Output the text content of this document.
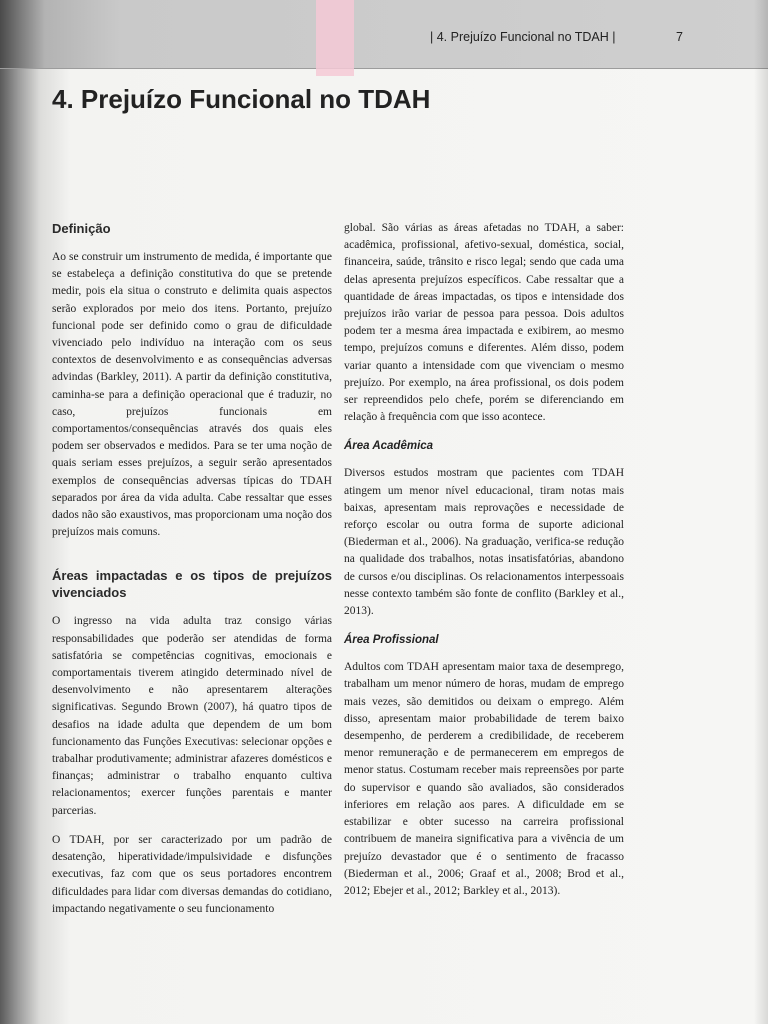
| 4. Prejuízo Funcional no TDAH |	7
4. Prejuízo Funcional no TDAH
Definição

Ao se construir um instrumento de medida, é importante que se estabeleça a definição constitutiva do que se pretende medir, pois ela situa o construto e delimita quais aspectos serão explorados por meio dos itens. Portanto, prejuízo funcional pode ser definido como o grau de dificuldade vivenciado pelo indivíduo na interação com os seus contextos de desenvolvimento e as consequências adversas advindas (Barkley, 2011). A partir da definição constitutiva, caminha-se para a definição operacional que é traduzir, no caso, prejuízos funcionais em comportamentos/consequências através dos quais eles podem ser observados e medidos. Para se ter uma noção de quais seriam esses prejuízos, a seguir serão apresentados exemplos de consequências adversas típicas do TDAH separados por área da vida adulta. Cabe ressaltar que esses dados não são exaustivos, mas proporcionam uma noção dos prejuízos mais comuns.

Áreas impactadas e os tipos de prejuízos vivenciados

O ingresso na vida adulta traz consigo várias responsabilidades que poderão ser atendidas de forma satisfatória se competências cognitivas, emocionais e comportamentais tiverem atingido determinado nível de desenvolvimento e não apresentarem alterações significativas. Segundo Brown (2007), há quatro tipos de desafios na idade adulta que dependem de um bom funcionamento das Funções Executivas: selecionar opções e trabalhar produtivamente; administrar afazeres domésticos e finanças; administrar o trabalho enquanto cultiva relacionamentos; exercer funções parentais e manter parcerias.

O TDAH, por ser caracterizado por um padrão de desatenção, hiperatividade/impulsividade e disfunções executivas, faz com que os seus portadores encontrem dificuldades para lidar com diversas demandas do cotidiano, impactando negativamente o seu funcionamento

global. São várias as áreas afetadas no TDAH, a saber: acadêmica, profissional, afetivo-sexual, doméstica, social, financeira, saúde, trânsito e risco legal; sendo que cada uma delas apresenta prejuízos específicos. Cabe ressaltar que a quantidade de áreas impactadas, os tipos e intensidade dos prejuízos irão variar de pessoa para pessoa. Dois adultos podem ter a mesma área impactada e exibirem, ao mesmo tempo, prejuízos comuns e diferentes. Além disso, podem variar quanto a intensidade com que vivenciam o mesmo prejuízo. Por exemplo, na área profissional, os dois podem ser repreendidos pelo chefe, porém se diferenciando em relação à frequência com que isso acontece.

Área Acadêmica

Diversos estudos mostram que pacientes com TDAH atingem um menor nível educacional, tiram notas mais baixas, apresentam mais reprovações e necessidade de reforço escolar ou outra forma de suporte adicional (Biederman et al., 2006). Na graduação, verifica-se redução na qualidade dos trabalhos, notas insatisfatórias, abandono de cursos e/ou disciplinas. Os relacionamentos interpessoais nesse contexto também são fonte de conflito (Barkley et al., 2013).

Área Profissional

Adultos com TDAH apresentam maior taxa de desemprego, trabalham um menor número de horas, mudam de emprego mais vezes, são demitidos ou deixam o emprego. Além disso, apresentam maior probabilidade de terem baixo desempenho, de perderem a credibilidade, de receberem menor remuneração e de permanecerem em empregos de menor status. Costumam receber mais repreensões por parte do supervisor e quando são avaliados, são considerados inferiores em relação aos pares. A dificuldade em se estabilizar e obter sucesso na carreira profissional contribuem de maneira significativa para a vivência de um prejuízo devastador que é o sentimento de fracasso (Biederman et al., 2006; Graaf et al., 2008; Brod et al., 2012; Ebejer et al., 2012; Barkley et al., 2013).
